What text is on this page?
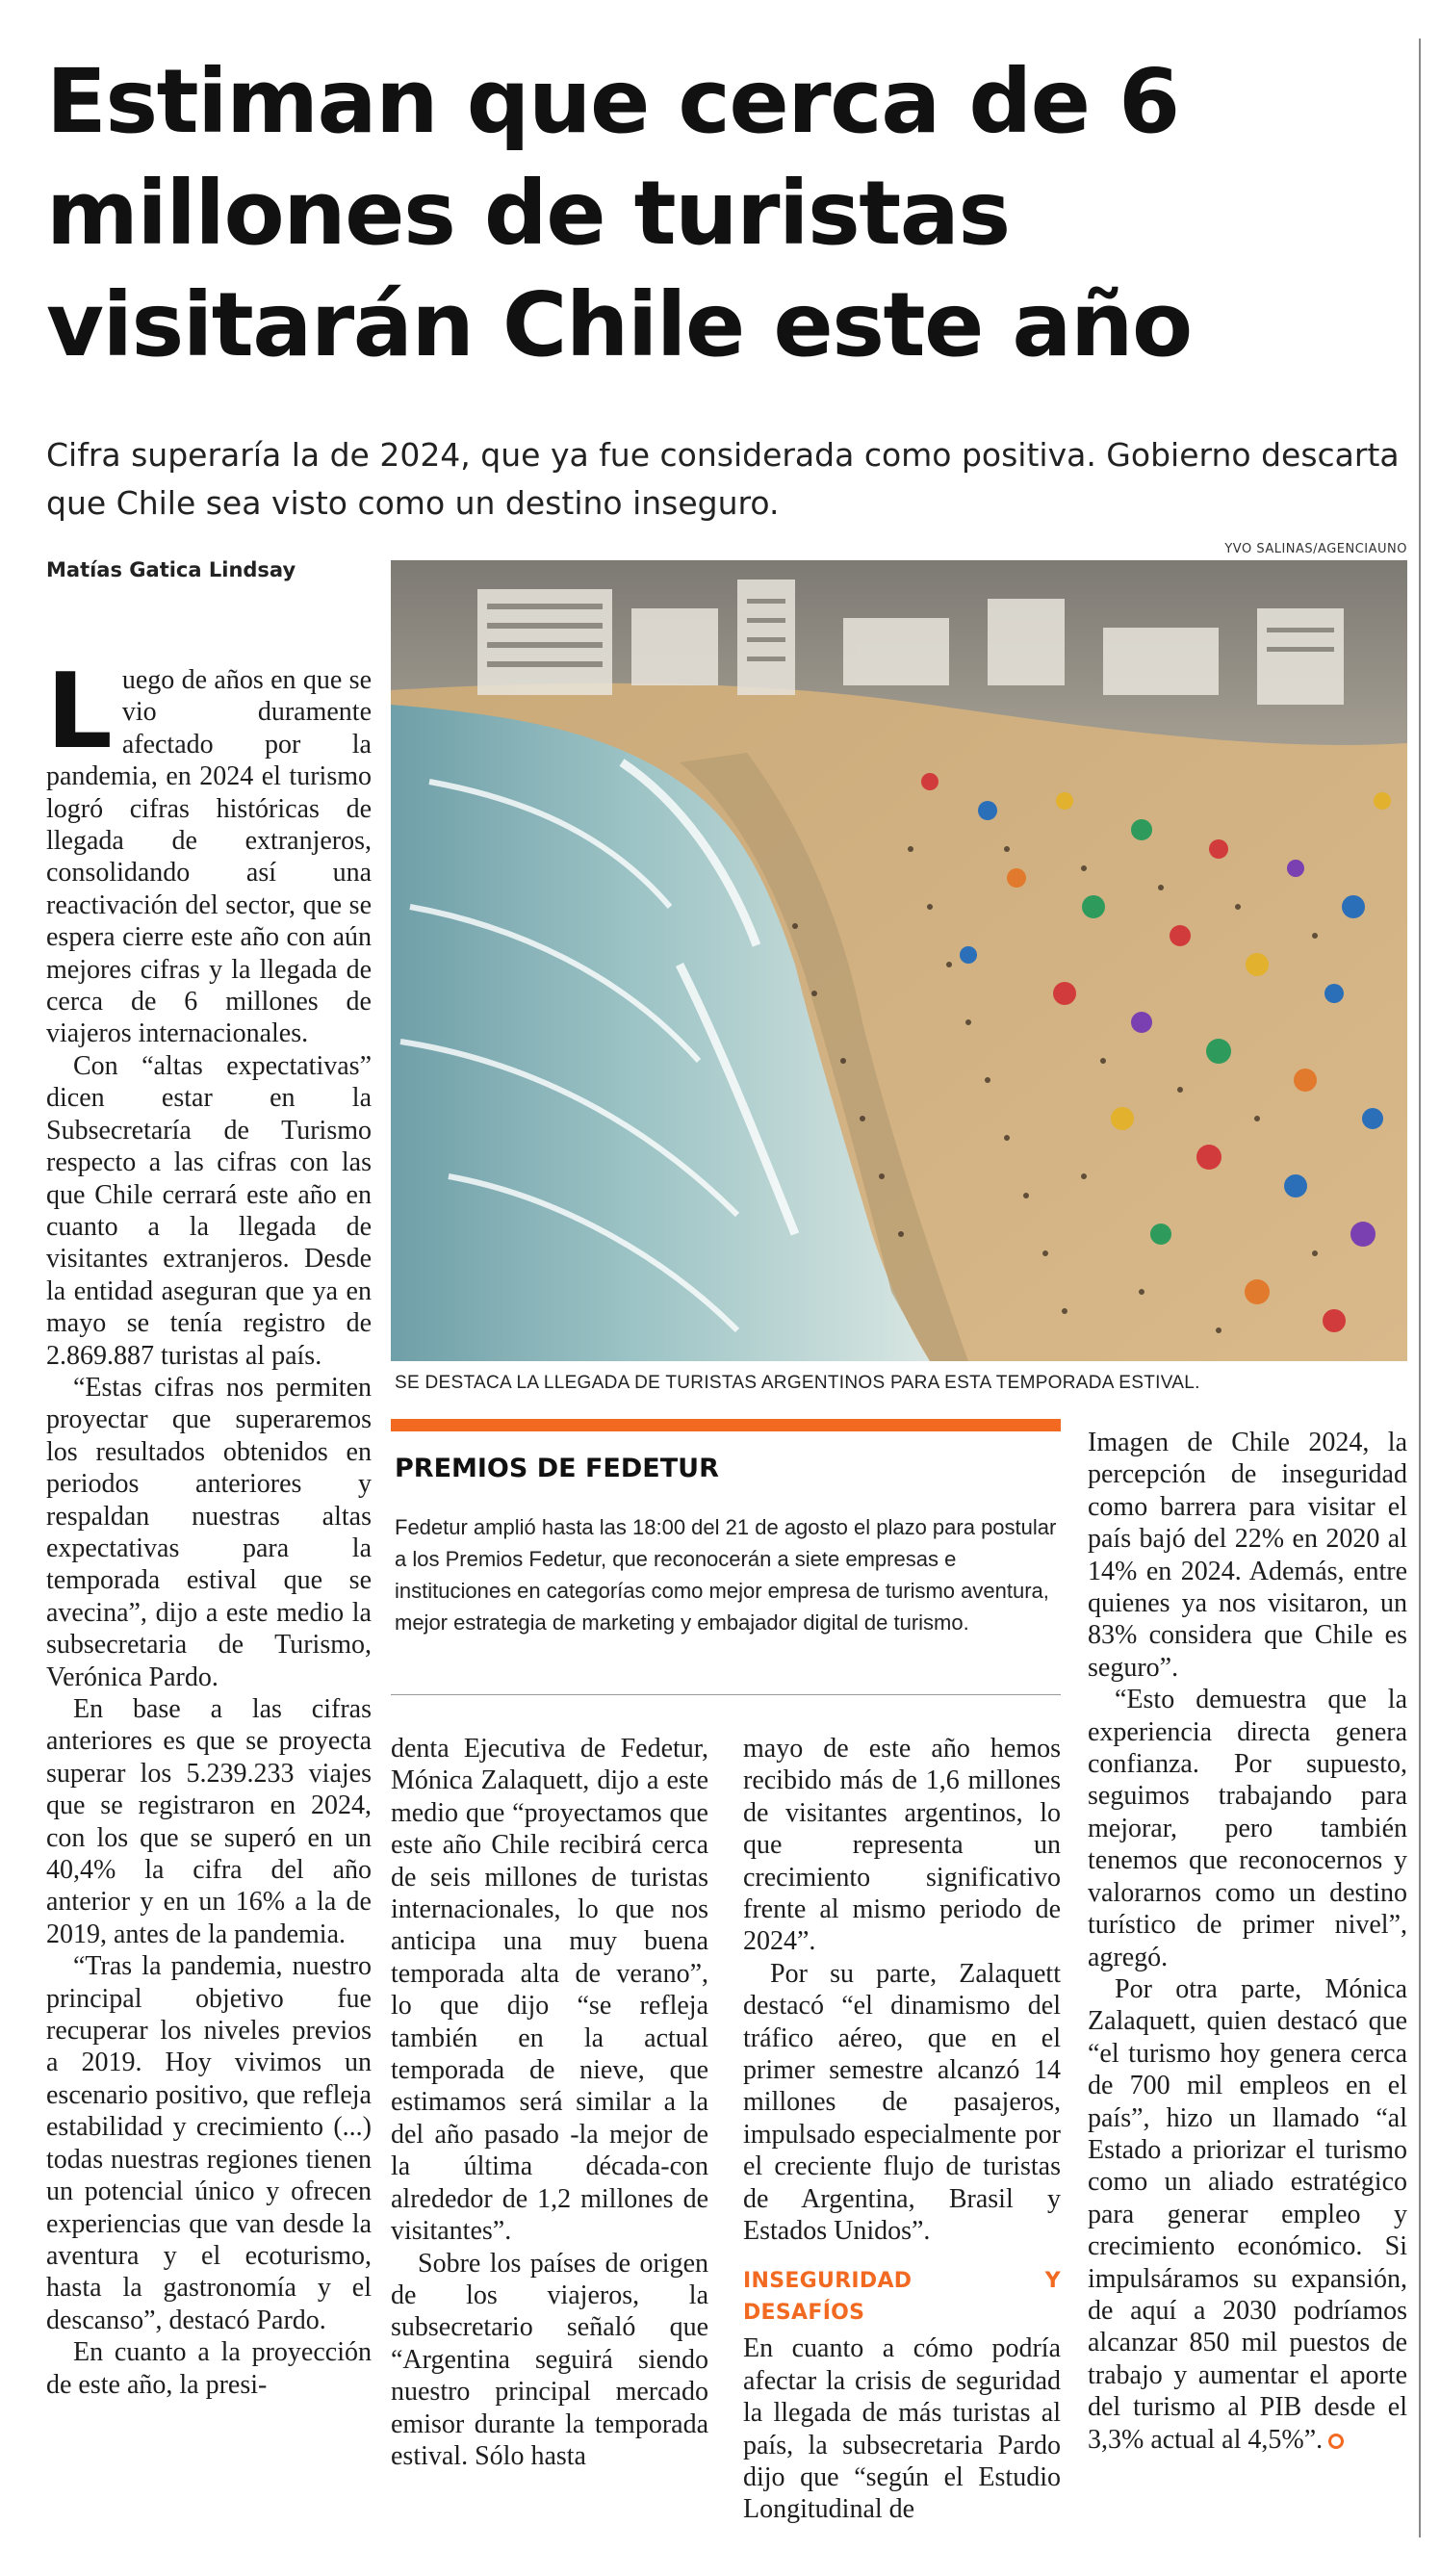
Estiman que cerca de 6 millones de turistas visitarán Chile este año

Cifra superaría la de 2024, que ya fue considerada como positiva. Gobierno descarta que Chile sea visto como un destino inseguro.

Matías Gatica Lindsay
YVO SALINAS/AGENCIAUNO
SE DESTACA LA LLEGADA DE TURISTAS ARGENTINOS PARA ESTA TEMPORADA ESTIVAL.

Luego de años en que se vio duramente afectado por la pandemia, en 2024 el turismo logró cifras históricas de llegada de extranjeros, consolidando así una reactivación del sector, que se espera cierre este año con aún mejores cifras y la llegada de cerca de 6 millones de viajeros internacionales.

Con “altas expectativas” dicen estar en la Subsecretaría de Turismo respecto a las cifras con las que Chile cerrará este año en cuanto a la llegada de visitantes extranjeros. Desde la entidad aseguran que ya en mayo se tenía registro de 2.869.887 turistas al país.

“Estas cifras nos permiten proyectar que superaremos los resultados obtenidos en periodos anteriores y respaldan nuestras altas expectativas para la temporada estival que se avecina”, dijo a este medio la subsecretaria de Turismo, Verónica Pardo.

En base a las cifras anteriores es que se proyecta superar los 5.239.233 viajes que se registraron en 2024, con los que se superó en un 40,4% la cifra del año anterior y en un 16% a la de 2019, antes de la pandemia.

“Tras la pandemia, nuestro principal objetivo fue recuperar los niveles previos a 2019. Hoy vivimos un escenario positivo, que refleja estabilidad y crecimiento (...) todas nuestras regiones tienen un potencial único y ofrecen experiencias que van desde la aventura y el ecoturismo, hasta la gastronomía y el descanso”, destacó Pardo.

En cuanto a la proyección de este año, la presi-

PREMIOS DE FEDETUR

Fedetur amplió hasta las 18:00 del 21 de agosto el plazo para postular a los Premios Fedetur, que reconocerán a siete empresas e instituciones en categorías como mejor empresa de turismo aventura, mejor estrategia de marketing y embajador digital de turismo.

denta Ejecutiva de Fedetur, Mónica Zalaquett, dijo a este medio que “proyectamos que este año Chile recibirá cerca de seis millones de turistas internacionales, lo que nos anticipa una muy buena temporada alta de verano”, lo que dijo “se refleja también en la actual temporada de nieve, que estimamos será similar a la del año pasado -la mejor de la última década-con alrededor de 1,2 millones de visitantes”.

Sobre los países de origen de los viajeros, la subsecretario señaló que “Argentina seguirá siendo nuestro principal mercado emisor durante la temporada estival. Sólo hasta

mayo de este año hemos recibido más de 1,6 millones de visitantes argentinos, lo que representa un crecimiento significativo frente al mismo periodo de 2024”.

Por su parte, Zalaquett destacó “el dinamismo del tráfico aéreo, que en el primer semestre alcanzó 14 millones de pasajeros, impulsado especialmente por el creciente flujo de turistas de Argentina, Brasil y Estados Unidos”.

INSEGURIDAD Y DESAFÍOS

En cuanto a cómo podría afectar la crisis de seguridad la llegada de más turistas al país, la subsecretaria Pardo dijo que “según el Estudio Longitudinal de

Imagen de Chile 2024, la percepción de inseguridad como barrera para visitar el país bajó del 22% en 2020 al 14% en 2024. Además, entre quienes ya nos visitaron, un 83% considera que Chile es seguro”.

“Esto demuestra que la experiencia directa genera confianza. Por supuesto, seguimos trabajando para mejorar, pero también tenemos que reconocernos y valorarnos como un destino turístico de primer nivel”, agregó.

Por otra parte, Mónica Zalaquett, quien destacó que “el turismo hoy genera cerca de 700 mil empleos en el país”, hizo un llamado “al Estado a priorizar el turismo como un aliado estratégico para generar empleo y crecimiento económico. Si impulsáramos su expansión, de aquí a 2030 podríamos alcanzar 850 mil puestos de trabajo y aumentar el aporte del turismo al PIB desde el 3,3% actual al 4,5%”.
